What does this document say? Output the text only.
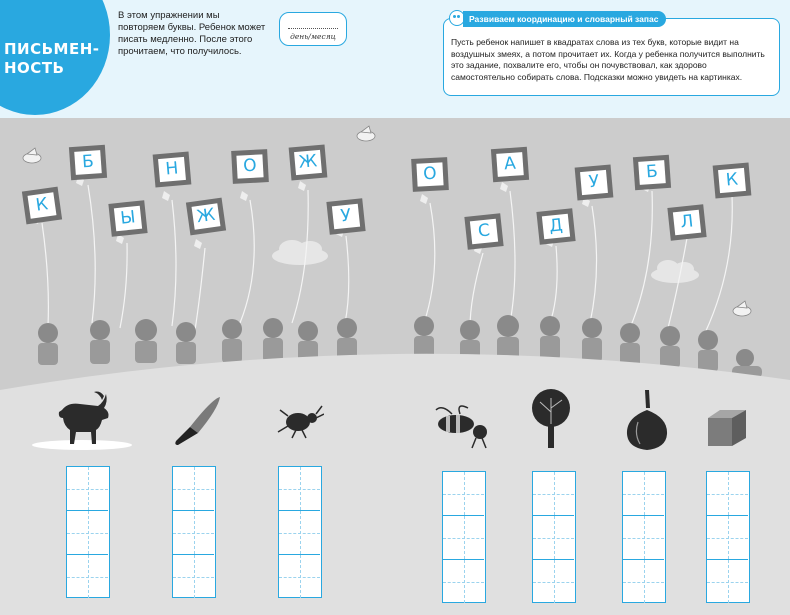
ПИСЬМЕН-
НОСТЬ
В этом упражнении мы повторяем буквы. Ребенок может писать медленно. После этого прочитаем, что получилось.
день/месяц
Развиваем координацию и словарный запас
Пусть ребенок напишет в квадратах слова из тех букв, которые видит на воздушных змеях, а потом прочитает их. Когда у ребенка получится выполнить это задание, похвалите его, чтобы он почувствовал, как здорово самостоятельно собирать слова. Подсказки можно увидеть на картинках.
К
Б
Ы
Н
Ж
О	Ж
У
О
С
А
Д
У	Б
Л
К
